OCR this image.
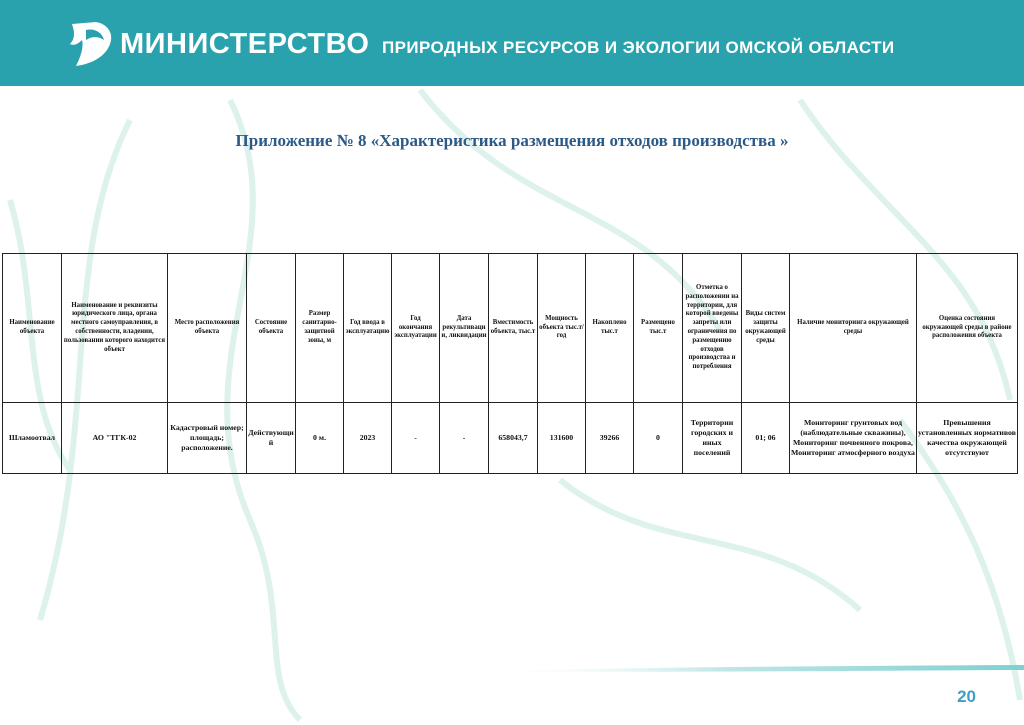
МИНИСТЕРСТВО ПРИРОДНЫХ РЕСУРСОВ И ЭКОЛОГИИ ОМСКОЙ ОБЛАСТИ
Приложение № 8 «Характеристика размещения отходов производства »
Наименование объекта	Наименование и реквизиты юридического лица, органа местного самоуправления, в собственности, владении, пользовании которого находится объект	Место расположения объекта	Состояние объекта	Размер санитарно-защитной зоны, м	Год ввода в эксплуатацию	Год окончания эксплуатации	Дата рекультивации, ликвидации	Вместимость объекта, тыс.т	Мощность объекта тыс.т/год	Накоплено тыс.т	Размещено тыс.т	Отметка о расположении на территории, для которой введены запреты или ограничения по размещению отходов производства и потребления	Виды систем защиты окружающей среды	Наличие мониторинга окружающей среды	Оценка состояния окружающей среды в районе расположения объекта
Шламоотвал	АО "ТГК-02	Кадастровый номер; площадь; расположение.	Действующий	0 м.	2023	-	-	658043,7	131600	39266	0	Территории городских и иных поселений	01; 06	Мониторинг грунтовых вод (наблюдательные скважины), Мониторинг почвенного покрова, Мониторинг атмосферного воздуха	Превышения установленных нормативов качества окружающей отсутствуют
20
